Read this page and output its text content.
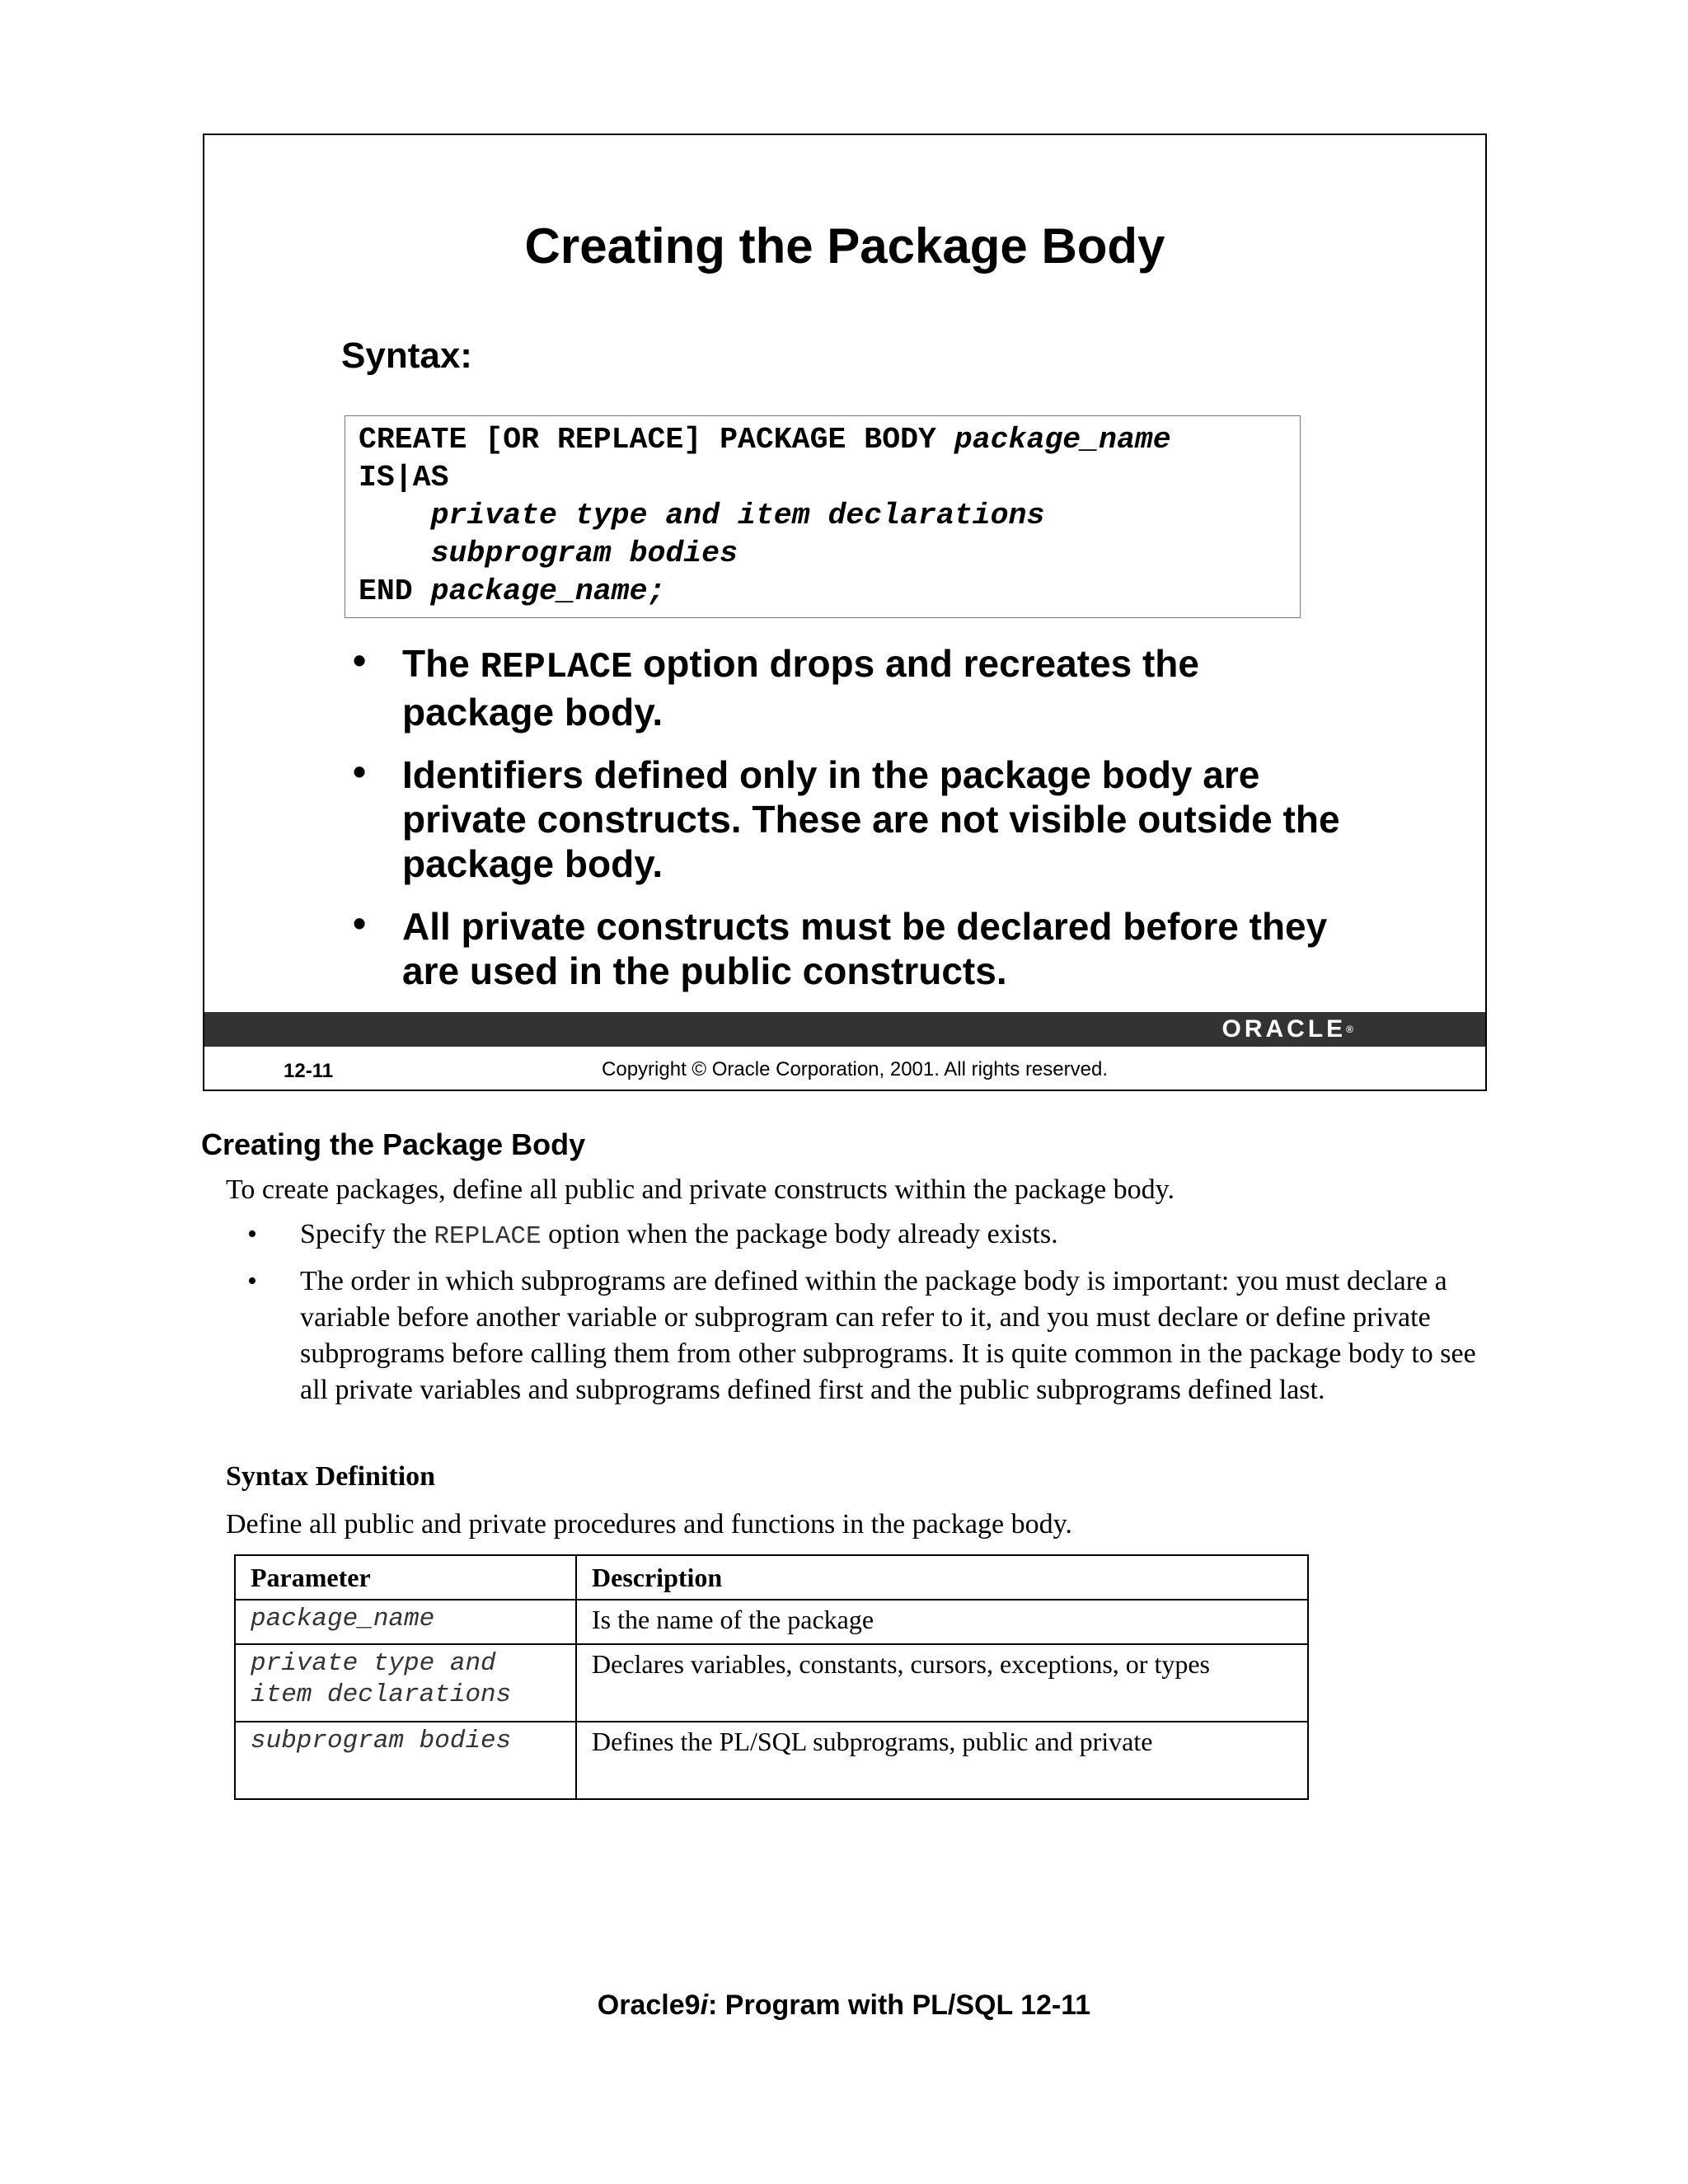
Creating the Package Body
Syntax:
CREATE [OR REPLACE] PACKAGE BODY package_name
IS|AS
private type and item declarations
subprogram bodies
END package_name;
• The REPLACE option drops and recreates the package body.
• Identifiers defined only in the package body are private constructs. These are not visible outside the package body.
• All private constructs must be declared before they are used in the public constructs.
ORACLE®
12-11	Copyright © Oracle Corporation, 2001. All rights reserved.
Creating the Package Body
To create packages, define all public and private constructs within the package body.
• Specify the REPLACE option when the package body already exists.
• The order in which subprograms are defined within the package body is important: you must declare a variable before another variable or subprogram can refer to it, and you must declare or define private subprograms before calling them from other subprograms. It is quite common in the package body to see all private variables and subprograms defined first and the public subprograms defined last.
Syntax Definition
Define all public and private procedures and functions in the package body.
Parameter	Description
package_name	Is the name of the package
private type and item declarations	Declares variables, constants, cursors, exceptions, or types
subprogram bodies	Defines the PL/SQL subprograms, public and private
Oracle9i: Program with PL/SQL 12-11
